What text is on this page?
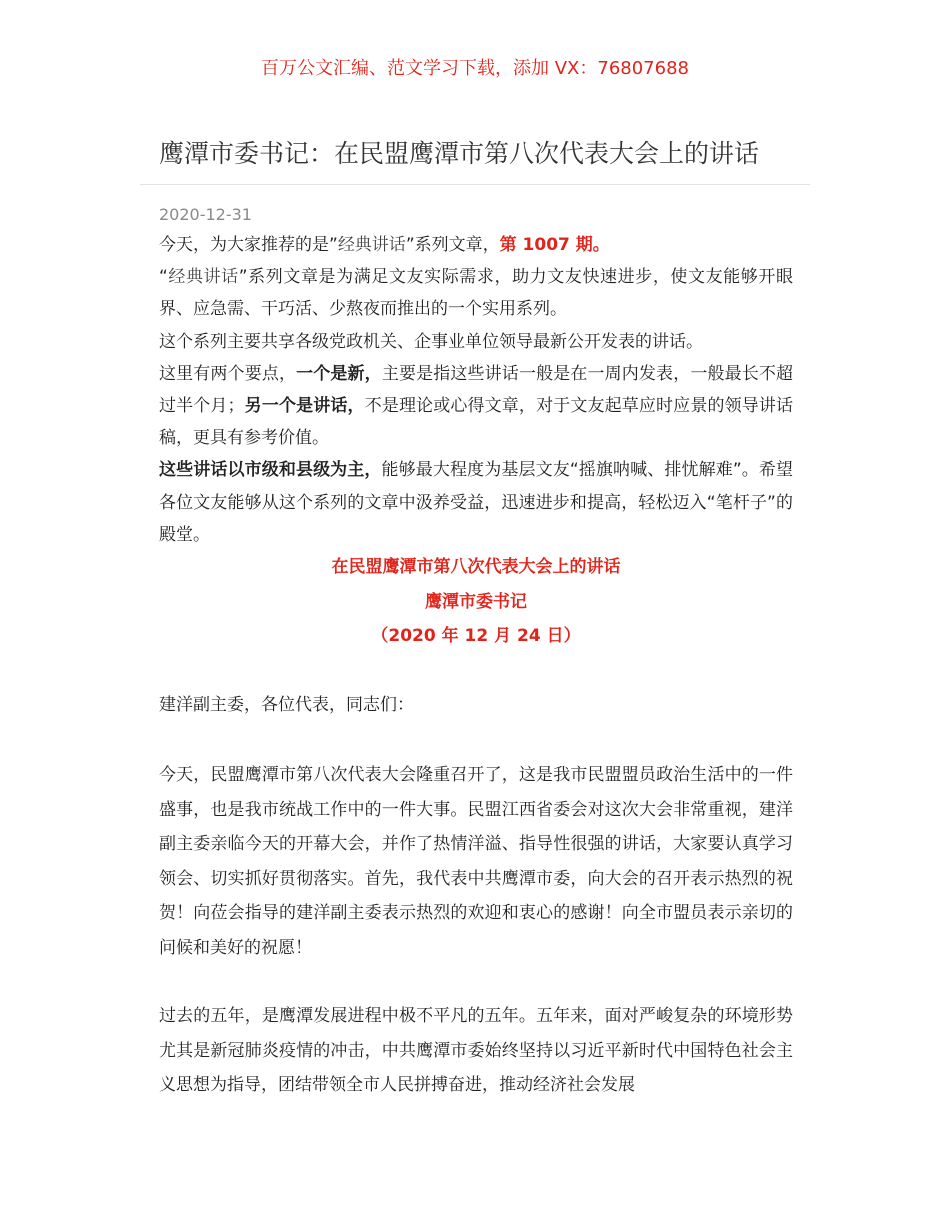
百万公文汇编、范文学习下载，添加 VX：76807688
鹰潭市委书记：在民盟鹰潭市第八次代表大会上的讲话
2020-12-31

今天，为大家推荐的是”经典讲话”系列文章，第 1007 期。

“经典讲话”系列文章是为满足文友实际需求，助力文友快速进步，使文友能够开眼界、应急需、干巧活、少熬夜而推出的一个实用系列。

这个系列主要共享各级党政机关、企事业单位领导最新公开发表的讲话。

这里有两个要点，一个是新，主要是指这些讲话一般是在一周内发表，一般最长不超过半个月；另一个是讲话，不是理论或心得文章，对于文友起草应时应景的领导讲话稿，更具有参考价值。

这些讲话以市级和县级为主，能够最大程度为基层文友“摇旗呐喊、排忧解难”。希望各位文友能够从这个系列的文章中汲养受益，迅速进步和提高，轻松迈入“笔杆子”的殿堂。

在民盟鹰潭市第八次代表大会上的讲话
鹰潭市委书记
（2020 年 12 月 24 日）

建洋副主委，各位代表，同志们：

今天，民盟鹰潭市第八次代表大会隆重召开了，这是我市民盟盟员政治生活中的一件盛事，也是我市统战工作中的一件大事。民盟江西省委会对这次大会非常重视，建洋副主委亲临今天的开幕大会，并作了热情洋溢、指导性很强的讲话，大家要认真学习领会、切实抓好贯彻落实。首先，我代表中共鹰潭市委，向大会的召开表示热烈的祝贺！向莅会指导的建洋副主委表示热烈的欢迎和衷心的感谢！向全市盟员表示亲切的问候和美好的祝愿！

过去的五年，是鹰潭发展进程中极不平凡的五年。五年来，面对严峻复杂的环境形势尤其是新冠肺炎疫情的冲击，中共鹰潭市委始终坚持以习近平新时代中国特色社会主义思想为指导，团结带领全市人民拼搏奋进，推动经济社会发展
